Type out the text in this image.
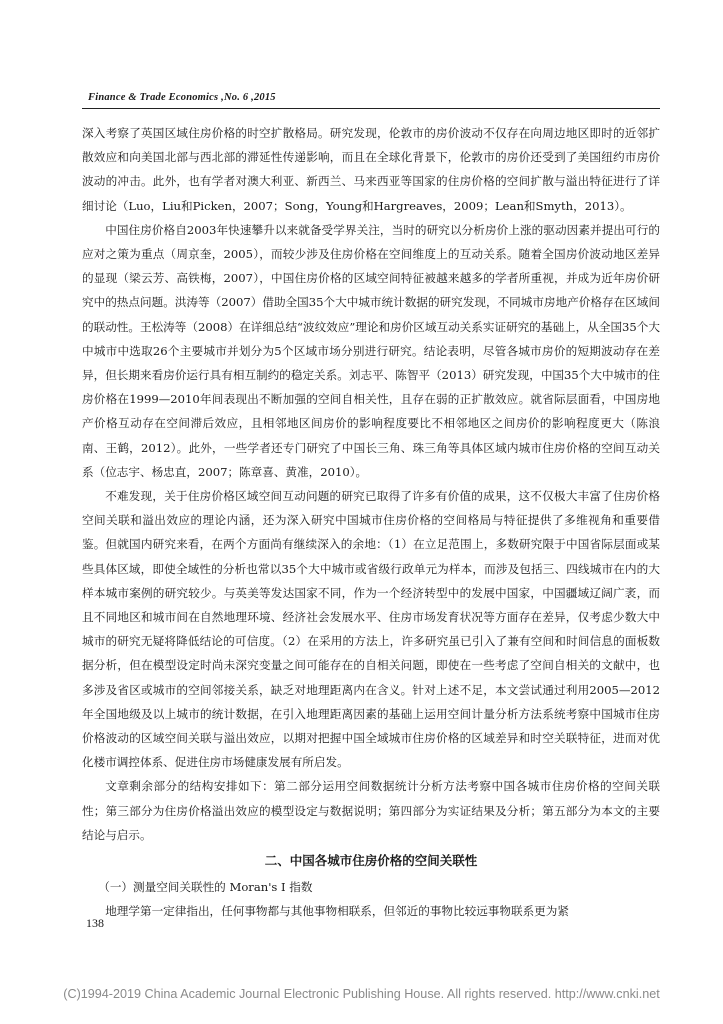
Finance & Trade Economics ,No. 6 ,2015

深入考察了英国区域住房价格的时空扩散格局。研究发现，伦敦市的房价波动不仅存在向周边地区即时的近邻扩散效应和向美国北部与西北部的滞延性传递影响，而且在全球化背景下，伦敦市的房价还受到了美国纽约市房价波动的冲击。此外，也有学者对澳大利亚、新西兰、马来西亚等国家的住房价格的空间扩散与溢出特征进行了详细讨论（Luo，Liu和Picken，2007；Song，Young和Hargreaves，2009；Lean和Smyth，2013）。

中国住房价格自2003年快速攀升以来就备受学界关注，当时的研究以分析房价上涨的驱动因素并提出可行的应对之策为重点（周京奎，2005），而较少涉及住房价格在空间维度上的互动关系。随着全国房价波动地区差异的显现（梁云芳、高铁梅，2007），中国住房价格的区域空间特征被越来越多的学者所重视，并成为近年房价研究中的热点问题。洪涛等（2007）借助全国35个大中城市统计数据的研究发现，不同城市房地产价格存在区域间的联动性。王松涛等（2008）在详细总结“波纹效应”理论和房价区域互动关系实证研究的基础上，从全国35个大中城市中选取26个主要城市并划分为5个区域市场分别进行研究。结论表明，尽管各城市房价的短期波动存在差异，但长期来看房价运行具有相互制约的稳定关系。刘志平、陈智平（2013）研究发现，中国35个大中城市的住房价格在1999—2010年间表现出不断加强的空间自相关性，且存在弱的正扩散效应。就省际层面看，中国房地产价格互动存在空间滞后效应，且相邻地区间房价的影响程度要比不相邻地区之间房价的影响程度更大（陈浪南、王鹤，2012）。此外，一些学者还专门研究了中国长三角、珠三角等具体区域内城市住房价格的空间互动关系（位志宇、杨忠直，2007；陈章喜、黄准，2010）。

不难发现，关于住房价格区域空间互动问题的研究已取得了许多有价值的成果，这不仅极大丰富了住房价格空间关联和溢出效应的理论内涵，还为深入研究中国城市住房价格的空间格局与特征提供了多维视角和重要借鉴。但就国内研究来看，在两个方面尚有继续深入的余地：（1）在立足范围上，多数研究限于中国省际层面或某些具体区域，即使全域性的分析也常以35个大中城市或省级行政单元为样本，而涉及包括三、四线城市在内的大样本城市案例的研究较少。与英美等发达国家不同，作为一个经济转型中的发展中国家，中国疆域辽阔广袤，而且不同地区和城市间在自然地理环境、经济社会发展水平、住房市场发育状况等方面存在差异，仅考虑少数大中城市的研究无疑将降低结论的可信度。（2）在采用的方法上，许多研究虽已引入了兼有空间和时间信息的面板数据分析，但在模型设定时尚未深究变量之间可能存在的自相关问题，即使在一些考虑了空间自相关的文献中，也多涉及省区或城市的空间邻接关系，缺乏对地理距离内在含义。针对上述不足，本文尝试通过利用2005—2012年全国地级及以上城市的统计数据，在引入地理距离因素的基础上运用空间计量分析方法系统考察中国城市住房价格波动的区域空间关联与溢出效应，以期对把握中国全域城市住房价格的区域差异和时空关联特征，进而对优化楼市调控体系、促进住房市场健康发展有所启发。

文章剩余部分的结构安排如下：第二部分运用空间数据统计分析方法考察中国各城市住房价格的空间关联性；第三部分为住房价格溢出效应的模型设定与数据说明；第四部分为实证结果及分析；第五部分为本文的主要结论与启示。

二、中国各城市住房价格的空间关联性

（一）测量空间关联性的 Moran's I 指数

地理学第一定律指出，任何事物都与其他事物相联系，但邻近的事物比较远事物联系更为紧

138
(C)1994-2019 China Academic Journal Electronic Publishing House. All rights reserved. http://www.cnki.net
